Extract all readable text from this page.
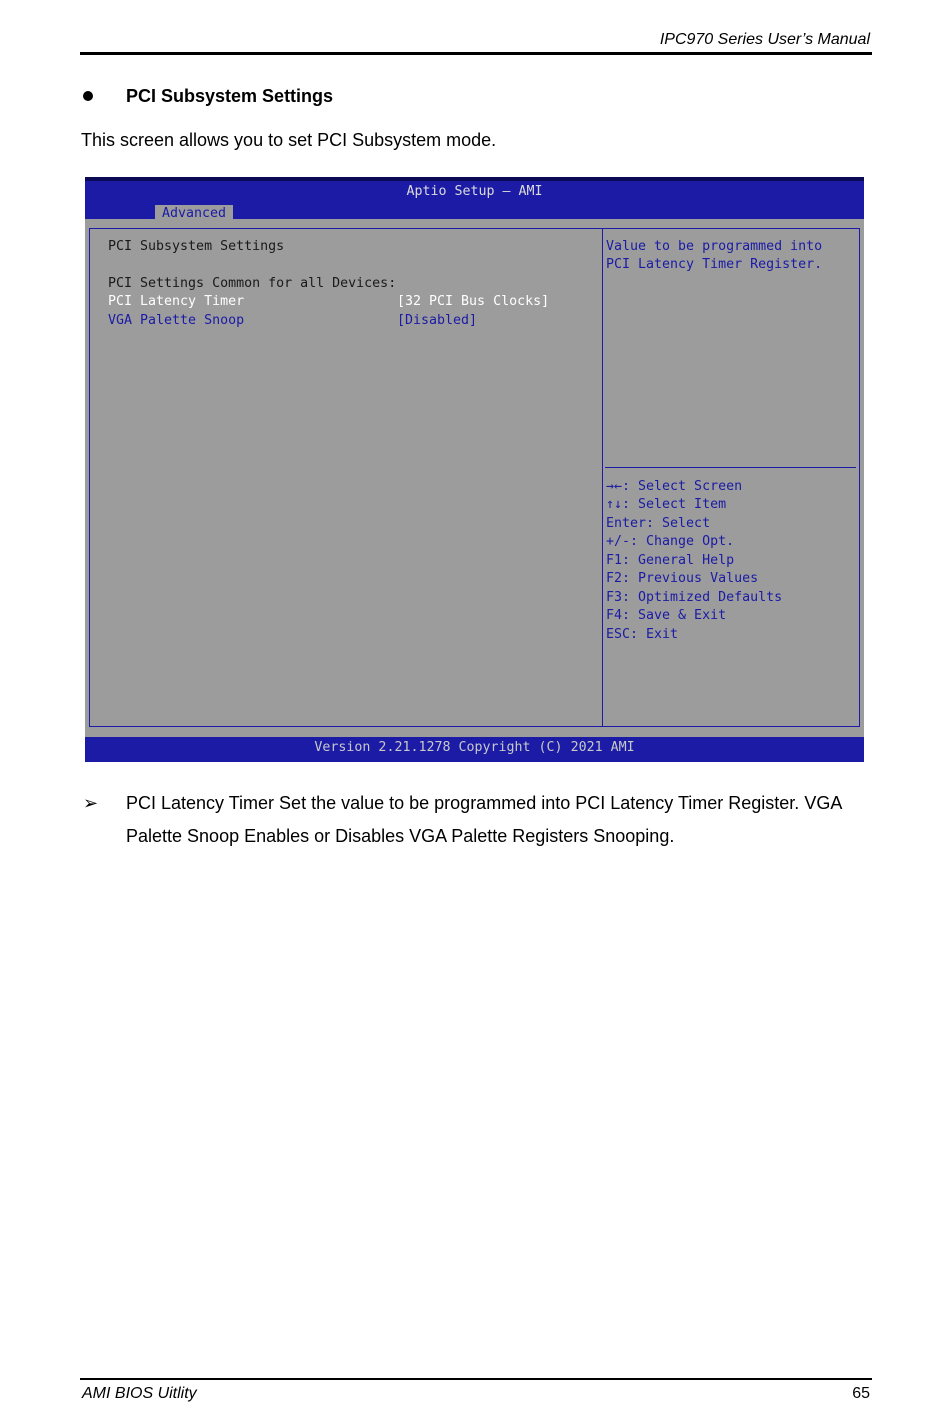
IPC970 Series User’s Manual
PCI Subsystem Settings
This screen allows you to set PCI Subsystem mode.
Aptio Setup – AMI
Advanced
PCI Subsystem Settings
PCI Settings Common for all Devices:
PCI Latency Timer	[32 PCI Bus Clocks]
VGA Palette Snoop	[Disabled]
Value to be programmed into
PCI Latency Timer Register.
→←: Select Screen
↑↓: Select Item
Enter: Select
+/-: Change Opt.
F1: General Help
F2: Previous Values
F3: Optimized Defaults
F4: Save & Exit
ESC: Exit
Version 2.21.1278 Copyright (C) 2021 AMI
➢ PCI Latency Timer Set the value to be programmed into PCI Latency Timer Register. VGA Palette Snoop Enables or Disables VGA Palette Registers Snooping.
AMI BIOS Uitlity	65
